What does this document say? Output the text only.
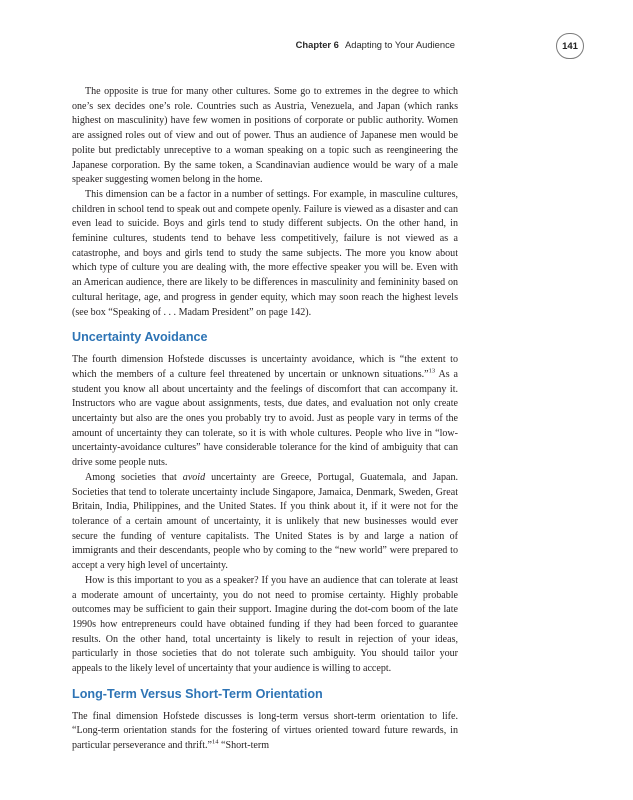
Chapter 6 Adapting to Your Audience	141

The opposite is true for many other cultures. Some go to extremes in the degree to which one’s sex decides one’s role. Countries such as Austria, Venezuela, and Japan (which ranks highest on masculinity) have few women in positions of corporate or public authority. Women are assigned roles out of view and out of power. Thus an audience of Japanese men would be polite but predictably unreceptive to a woman speaking on a topic such as reengineering the Japanese corporation. By the same token, a Scandinavian audience would be wary of a male speaker suggesting women belong in the home.

This dimension can be a factor in a number of settings. For example, in masculine cultures, children in school tend to speak out and compete openly. Failure is viewed as a disaster and can even lead to suicide. Boys and girls tend to study different subjects. On the other hand, in feminine cultures, students tend to behave less competitively, failure is not viewed as a catastrophe, and boys and girls tend to study the same subjects. The more you know about which type of culture you are dealing with, the more effective speaker you will be. Even with an American audience, there are likely to be differences in masculinity and femininity based on cultural heritage, age, and progress in gender equity, which may soon reach the highest levels (see box “Speaking of . . . Madam President” on page 142).

Uncertainty Avoidance

The fourth dimension Hofstede discusses is uncertainty avoidance, which is “the extent to which the members of a culture feel threatened by uncertain or unknown situations.”$^{13}$ As a student you know all about uncertainty and the feelings of discomfort that can accompany it. Instructors who are vague about assignments, tests, due dates, and evaluation not only create uncertainty but also are the ones you probably try to avoid. Just as people vary in terms of the amount of uncertainty they can tolerate, so it is with whole cultures. People who live in “low-uncertainty-avoidance cultures” have considerable tolerance for the kind of ambiguity that can drive some people nuts.

Among societies that avoid uncertainty are Greece, Portugal, Guatemala, and Japan. Societies that tend to tolerate uncertainty include Singapore, Jamaica, Denmark, Sweden, Great Britain, India, Philippines, and the United States. If you think about it, if it were not for the tolerance of a certain amount of uncertainty, it is unlikely that new businesses would ever secure the funding of venture capitalists. The United States is by and large a nation of immigrants and their descendants, people who by coming to the “new world” were prepared to accept a very high level of uncertainty.

How is this important to you as a speaker? If you have an audience that can tolerate at least a moderate amount of uncertainty, you do not need to promise certainty. Highly probable outcomes may be sufficient to gain their support. Imagine during the dot-com boom of the late 1990s how entrepreneurs could have obtained funding if they had been forced to guarantee results. On the other hand, total uncertainty is likely to result in rejection of your ideas, particularly in those societies that do not tolerate such ambiguity. You should tailor your appeals to the likely level of uncertainty that your audience is willing to accept.

Long-Term Versus Short-Term Orientation

The final dimension Hofstede discusses is long-term versus short-term orientation to life. “Long-term orientation stands for the fostering of virtues oriented toward future rewards, in particular perseverance and thrift.”$^{14}$ “Short-term
